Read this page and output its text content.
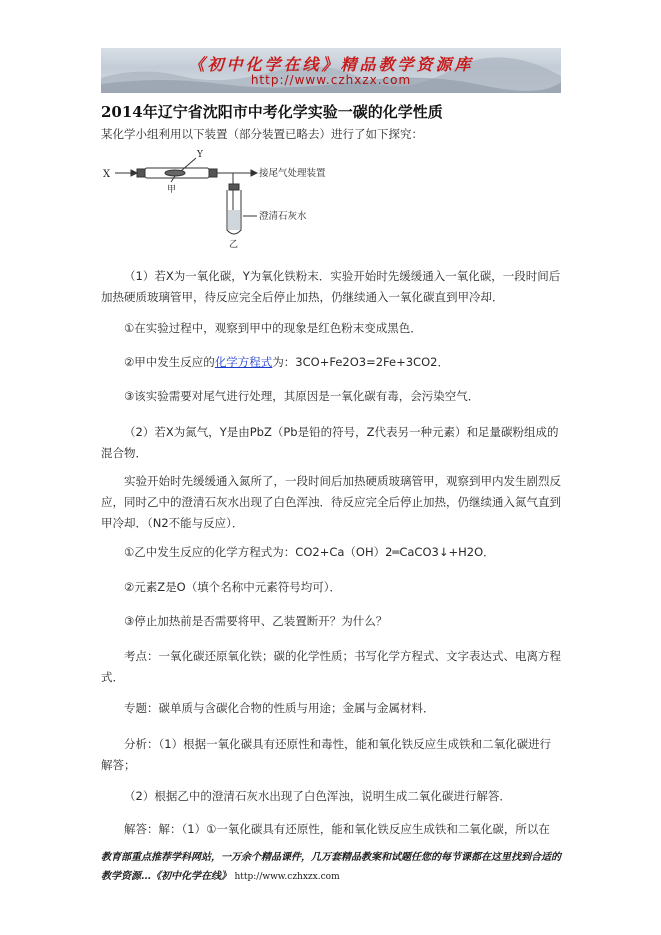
《初中化学在线》精品教学资源库
http://www.czhxzx.com
2014年辽宁省沈阳市中考化学实验一碳的化学性质
某化学小组利用以下装置（部分装置已略去）进行了如下探究：
X
Y
甲
乙
接尾气处理装置
澄清石灰水
（1）若X为一氧化碳，Y为氧化铁粉末．实验开始时先缓缓通入一氧化碳，一段时间后加热硬质玻璃管甲，待反应完全后停止加热，仍继续通入一氧化碳直到甲冷却．
①在实验过程中，观察到甲中的现象是红色粉末变成黑色．
②甲中发生反应的化学方程式为：3CO+Fe2O3=2Fe+3CO2．
③该实验需要对尾气进行处理，其原因是一氧化碳有毒，会污染空气．
（2）若X为氮气，Y是由PbZ（Pb是铅的符号，Z代表另一种元素）和足量碳粉组成的混合物．
实验开始时先缓缓通入氮所了，一段时间后加热硬质玻璃管甲，观察到甲内发生剧烈反应，同时乙中的澄清石灰水出现了白色浑浊．待反应完全后停止加热，仍继续通入氮气直到甲冷却．（N2不能与反应）．
①乙中发生反应的化学方程式为：CO2+Ca（OH）2═CaCO3↓+H2O．
②元素Z是O（填个名称中元素符号均可）．
③停止加热前是否需要将甲、乙装置断开？为什么？
考点：一氧化碳还原氧化铁；碳的化学性质；书写化学方程式、文字表达式、电离方程式．
专题：碳单质与含碳化合物的性质与用途；金属与金属材料．
分析：（1）根据一氧化碳具有还原性和毒性，能和氧化铁反应生成铁和二氧化碳进行解答；
（2）根据乙中的澄清石灰水出现了白色浑浊，说明生成二氧化碳进行解答．
解答：解：（1）①一氧化碳具有还原性，能和氧化铁反应生成铁和二氧化碳，所以在
教育部重点推荐学科网站，一万余个精品课件，几万套精品教案和试题任您的每节课都在这里找到合适的
教学资源…《初中化学在线》 http://www.czhxzx.com
